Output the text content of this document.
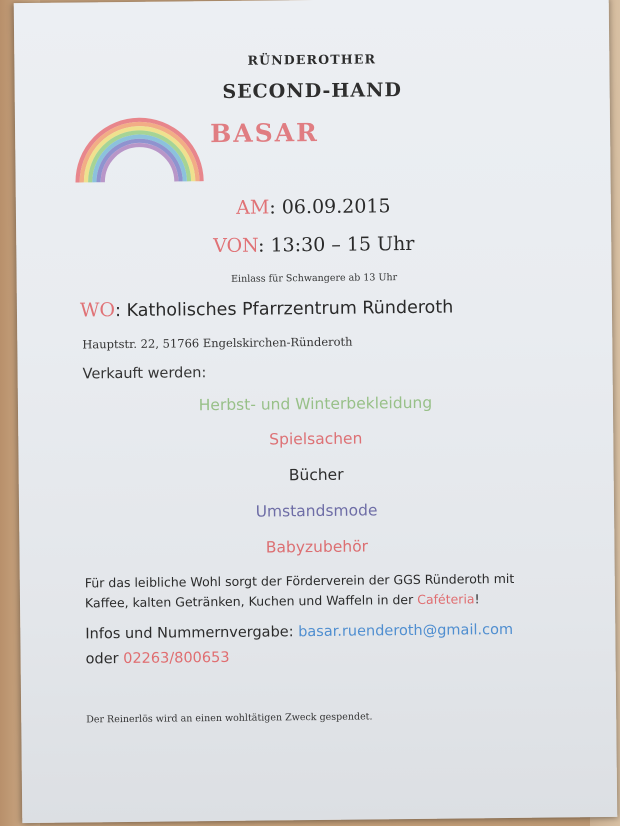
RÜNDEROTHER
SECOND-HAND
BASAR
AM: 06.09.2015
VON: 13:30 – 15 Uhr
Einlass für Schwangere ab 13 Uhr
WO: Katholisches Pfarrzentrum Ründeroth
Hauptstr. 22, 51766 Engelskirchen-Ründeroth
Verkauft werden:
Herbst- und Winterbekleidung
Spielsachen
Bücher
Umstandsmode
Babyzubehör
Für das leibliche Wohl sorgt der Förderverein der GGS Ründeroth mit
Kaffee, kalten Getränken, Kuchen und Waffeln in der Caféteria!
Infos und Nummernvergabe: basar.ruenderoth@gmail.com
oder 02263/800653
Der Reinerlös wird an einen wohltätigen Zweck gespendet.
